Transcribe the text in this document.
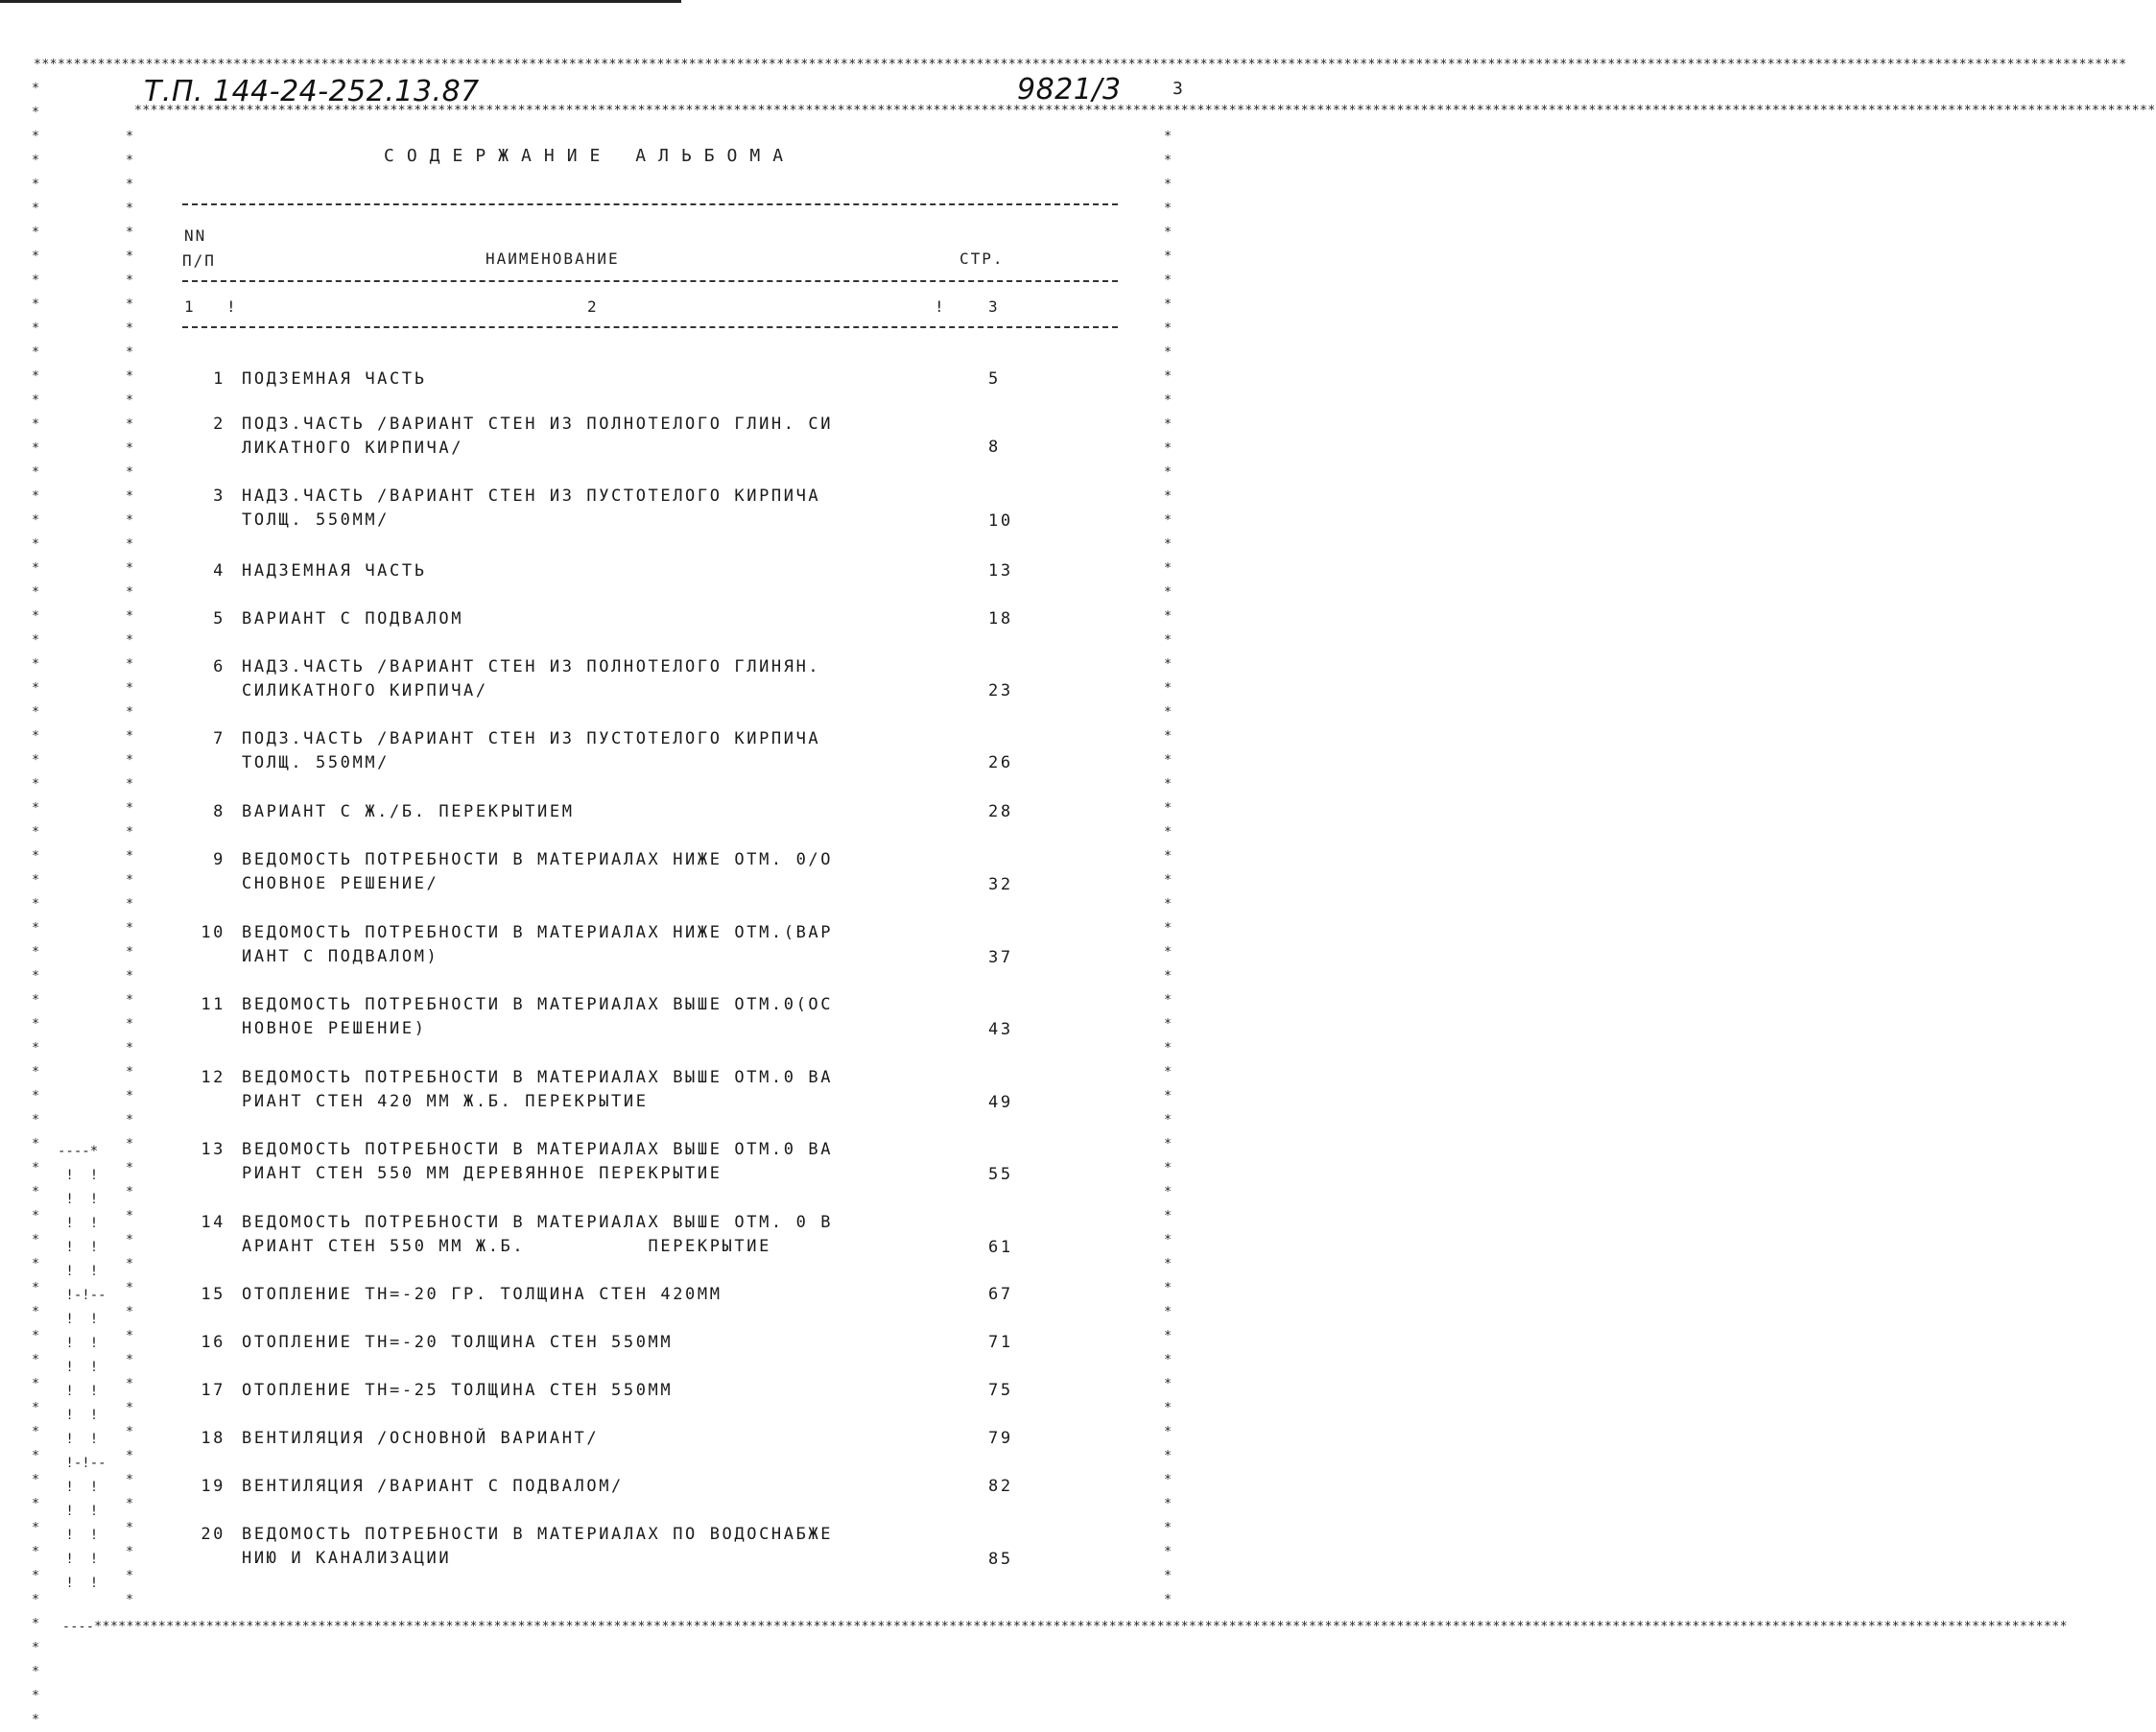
**********************************************************************************************************************************************************************************************************************************************************************
*************************************************************************************************************************************************************************************************************************************************************
----*******************************************************************************************************************************************************************************************************************************************************
*
*
*
*
*
*
*
*
*
*
*
*
*
*
*
*
*
*
*
*
*
*
*
*
*
*
*
*
*
*
*
*
*
*
*
*
*
*
*
*
*
*
*
*
*
*
*
*
*
*
*
*
*
*
*
*
*
*
*
*
*
*
*
*
*
*
*
*
*
*
*
*
*
*
*
*
*
*
*
*
*
*
*
*
*
*
*
*
*
*
*
*
*
*
*
*
*
*
*
*
*
*
*
*
*
*
*
*
*
*
*
*
*
*
*
*
*
*
*
*
*
*
*
*
*
*
*
*
*
*
*
*
*
*
*
*
*
*
*
*
*
*
*
*
*
*
*
*
*
*
*
*
*
*
*
*
*
*
*
*
*
*
*
*
*
*
*
*
*
*
*
*
*
*
*
*
*
*
*
*
*
*
*
*
*
*
*
*
*
*
*
*
*
----*
!  !
!  !
!  !
!  !
!  !
!-!--
!  !
!  !
!  !
!  !
!  !
!  !
!-!--
!  !
!  !
!  !
!  !
!  !
Т.П. 144-24-252.13.87	9821/3	3
СОДЕРЖАНИЕ АЛЬБОМА
NN
П/П	НАИМЕНОВАНИЕ	СТР.
1 !	2	!	3
1 ПОДЗЕМНАЯ ЧАСТЬ	5
2 ПОДЗ.ЧАСТЬ /ВАРИАНТ СТЕН ИЗ ПОЛНОТЕЛОГО ГЛИН. СИ
ЛИКАТНОГО КИРПИЧА/	8
3 НАДЗ.ЧАСТЬ /ВАРИАНТ СТЕН ИЗ ПУСТОТЕЛОГО КИРПИЧА
ТОЛЩ. 550ММ/	10
4 НАДЗЕМНАЯ ЧАСТЬ	13
5 ВАРИАНТ С ПОДВАЛОМ	18
6 НАДЗ.ЧАСТЬ /ВАРИАНТ СТЕН ИЗ ПОЛНОТЕЛОГО ГЛИНЯН.
СИЛИКАТНОГО КИРПИЧА/	23
7 ПОДЗ.ЧАСТЬ /ВАРИАНТ СТЕН ИЗ ПУСТОТЕЛОГО КИРПИЧА
ТОЛЩ. 550ММ/	26
8 ВАРИАНТ С Ж./Б. ПЕРЕКРЫТИЕМ	28
9 ВЕДОМОСТЬ ПОТРЕБНОСТИ В МАТЕРИАЛАХ НИЖЕ ОТМ. 0/О
СНОВНОЕ РЕШЕНИЕ/	32
10 ВЕДОМОСТЬ ПОТРЕБНОСТИ В МАТЕРИАЛАХ НИЖЕ ОТМ.(ВАР
ИАНТ С ПОДВАЛОМ)	37
11 ВЕДОМОСТЬ ПОТРЕБНОСТИ В МАТЕРИАЛАХ ВЫШЕ ОТМ.0(ОС
НОВНОЕ РЕШЕНИЕ)	43
12 ВЕДОМОСТЬ ПОТРЕБНОСТИ В МАТЕРИАЛАХ ВЫШЕ ОТМ.0 ВА
РИАНТ СТЕН 420 ММ Ж.Б. ПЕРЕКРЫТИЕ	49
13 ВЕДОМОСТЬ ПОТРЕБНОСТИ В МАТЕРИАЛАХ ВЫШЕ ОТМ.0 ВА
РИАНТ СТЕН 550 ММ ДЕРЕВЯННОЕ ПЕРЕКРЫТИЕ	55
14 ВЕДОМОСТЬ ПОТРЕБНОСТИ В МАТЕРИАЛАХ ВЫШЕ ОТМ. 0 В
АРИАНТ СТЕН 550 ММ Ж.Б.          ПЕРЕКРЫТИЕ	61
15 ОТОПЛЕНИЕ ТН=-20 ГР. ТОЛЩИНА СТЕН 420ММ	67
16 ОТОПЛЕНИЕ ТН=-20 ТОЛЩИНА СТЕН 550ММ	71
17 ОТОПЛЕНИЕ ТН=-25 ТОЛЩИНА СТЕН 550ММ	75
18 ВЕНТИЛЯЦИЯ /ОСНОВНОЙ ВАРИАНТ/	79
19 ВЕНТИЛЯЦИЯ /ВАРИАНТ С ПОДВАЛОМ/	82
20 ВЕДОМОСТЬ ПОТРЕБНОСТИ В МАТЕРИАЛАХ ПО ВОДОСНАБЖЕ
НИЮ И КАНАЛИЗАЦИИ	85
